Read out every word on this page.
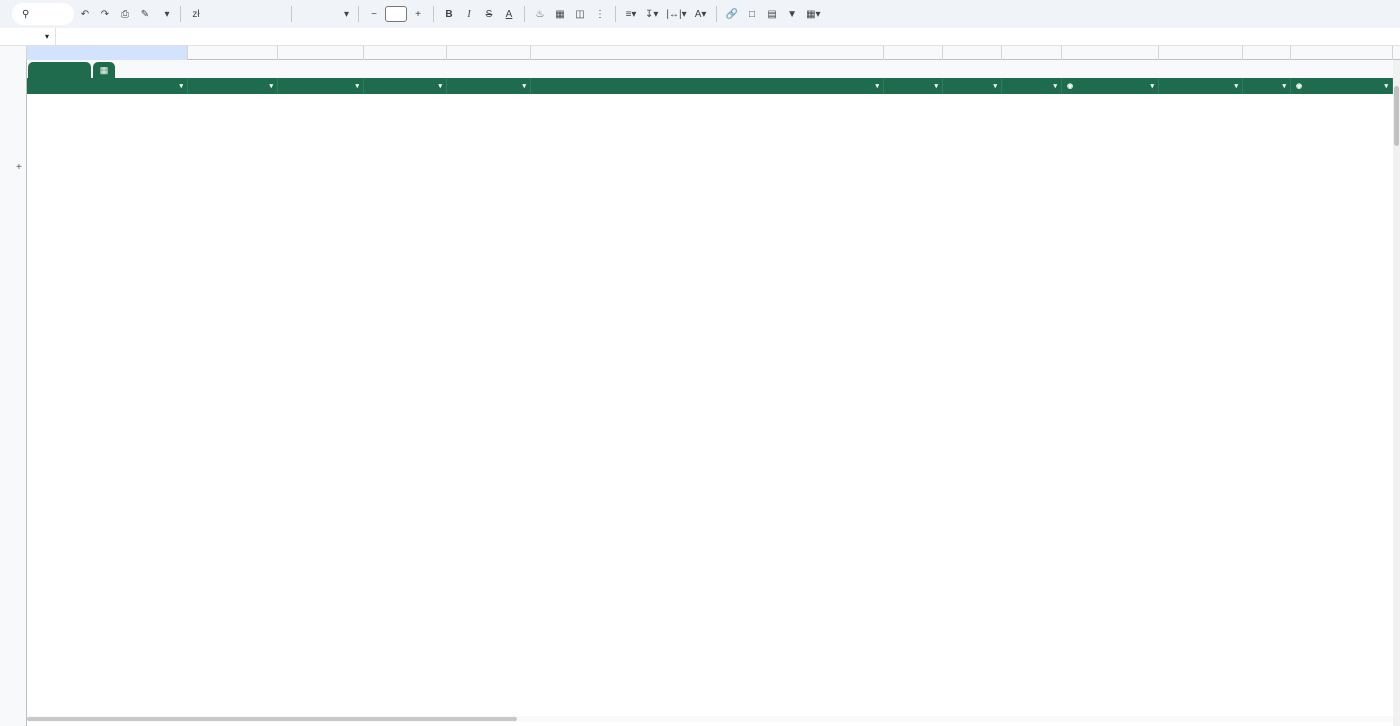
⚲	↶	↷	⎙	✎	▾	zł	▾	−	+	B	I	S	A	♨	▦	◫	⋮	≡▾ ↧▾ |↔|▾ A▾	🔗	□	▤	▼ ▦▾
▾
▦
+
▾	▾	▾	▾	▾	▾	▾	▾	▾ ◉	▾	▾	▾ ◉	▾
